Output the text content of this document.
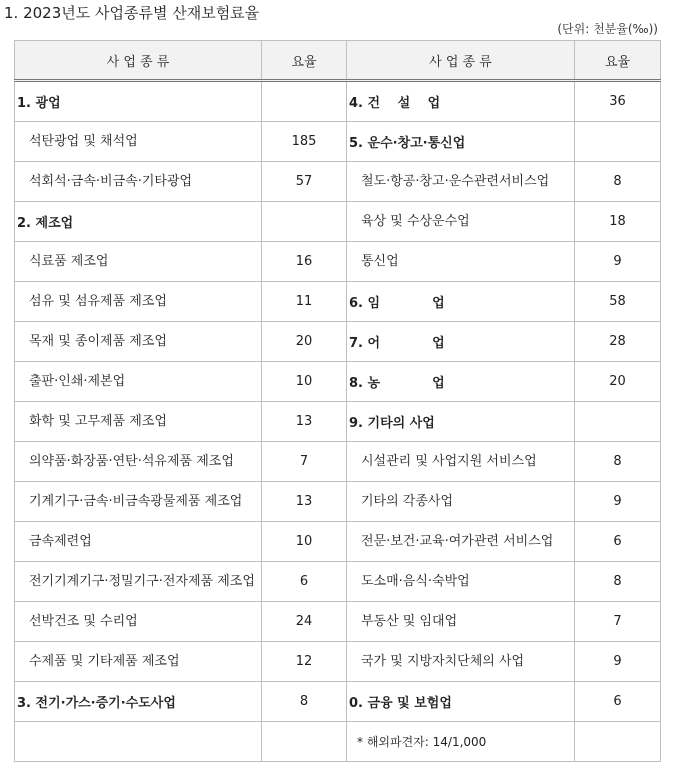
1. 2023년도 사업종류별 산재보험료율
(단위: 천분율(‰))
사 업 종 류	요율	사 업 종 류	요율
1. 광업		4. 건　 설　 업	36
석탄광업 및 채석업	185	5. 운수·창고·통신업	
석회석·금속·비금속·기타광업	57	철도·항공·창고·운수관련서비스업	8
2. 제조업		육상 및 수상운수업	18
식료품 제조업	16	통신업	9
섬유 및 섬유제품 제조업	11	6. 임　　　　업	58
목재 및 종이제품 제조업	20	7. 어　　　　업	28
출판·인쇄·제본업	10	8. 농　　　　업	20
화학 및 고무제품 제조업	13	9. 기타의 사업	
의약품·화장품·연탄·석유제품 제조업	7	시설관리 및 사업지원 서비스업	8
기계기구·금속·비금속광물제품 제조업	13	기타의 각종사업	9
금속제련업	10	전문·보건·교육·여가관련 서비스업	6
전기기계기구·정밀기구·전자제품 제조업	6	도소매·음식·숙박업	8
선박건조 및 수리업	24	부동산 및 임대업	7
수제품 및 기타제품 제조업	12	국가 및 지방자치단체의 사업	9
3. 전기·가스·증기·수도사업	8	0. 금융 및 보험업	6
		* 해외파견자: 14/1,000	
